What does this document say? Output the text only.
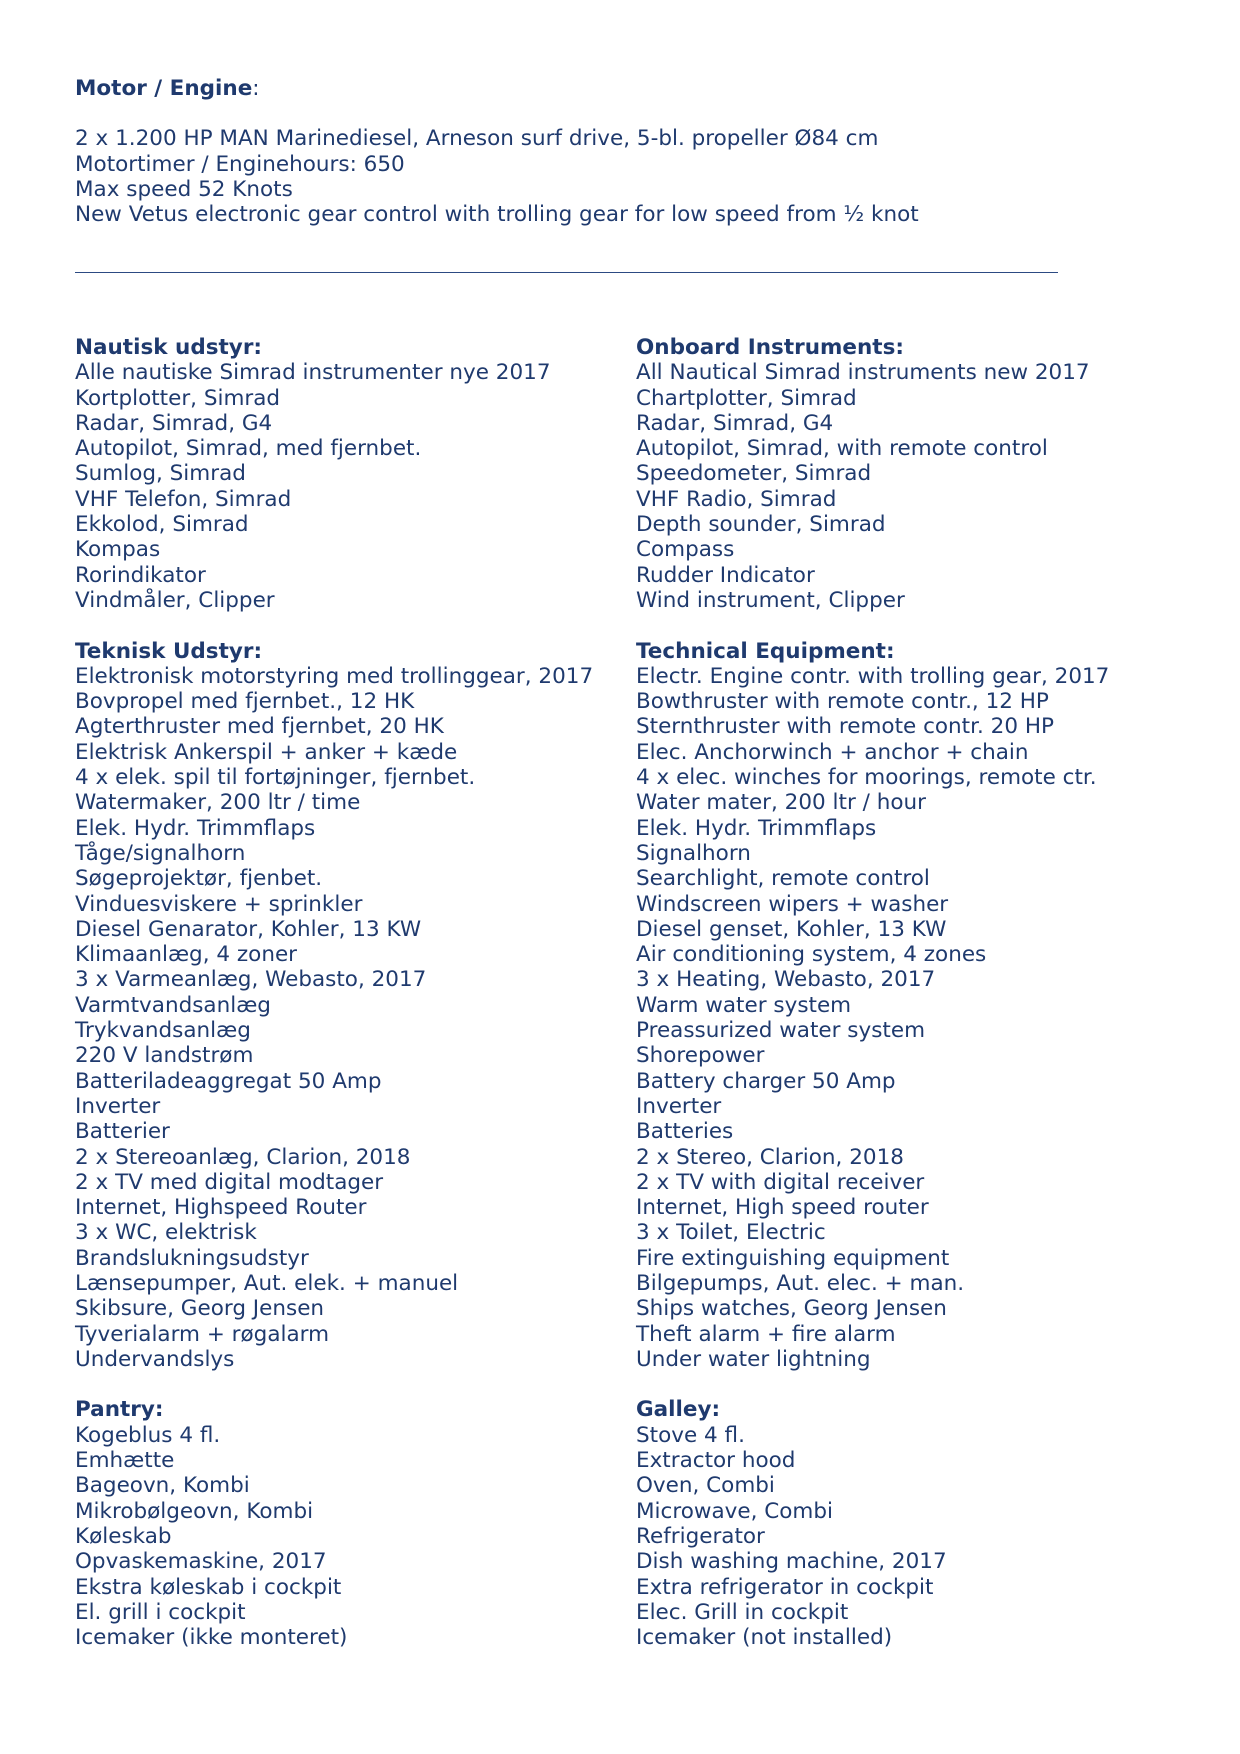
Motor / Engine:
2 x 1.200 HP MAN Marinediesel, Arneson surf drive, 5-bl. propeller Ø84 cm
Motortimer / Enginehours: 650
Max speed 52 Knots
New Vetus electronic gear control with trolling gear for low speed from ½ knot
Nautisk udstyr:
Alle nautiske Simrad instrumenter nye 2017
Kortplotter, Simrad
Radar, Simrad, G4
Autopilot, Simrad, med fjernbet.
Sumlog, Simrad
VHF Telefon, Simrad
Ekkolod, Simrad
Kompas
Rorindikator
Vindmåler, Clipper
Teknisk Udstyr:
Elektronisk motorstyring med trollinggear, 2017
Bovpropel med fjernbet., 12 HK
Agterthruster med fjernbet, 20 HK
Elektrisk Ankerspil + anker + kæde
4 x elek. spil til fortøjninger, fjernbet.
Watermaker, 200 ltr / time
Elek. Hydr. Trimmflaps
Tåge/signalhorn
Søgeprojektør, fjenbet.
Vinduesviskere + sprinkler
Diesel Genarator, Kohler, 13 KW
Klimaanlæg, 4 zoner
3 x Varmeanlæg, Webasto, 2017
Varmtvandsanlæg
Trykvandsanlæg
220 V landstrøm
Batteriladeaggregat 50 Amp
Inverter
Batterier
2 x Stereoanlæg, Clarion, 2018
2 x TV med digital modtager
Internet, Highspeed Router
3 x WC, elektrisk
Brandslukningsudstyr
Lænsepumper, Aut. elek. + manuel
Skibsure, Georg Jensen
Tyverialarm + røgalarm
Undervandslys
Pantry:
Kogeblus 4 fl.
Emhætte
Bageovn, Kombi
Mikrobølgeovn, Kombi
Køleskab
Opvaskemaskine, 2017
Ekstra køleskab i cockpit
El. grill i cockpit
Icemaker (ikke monteret)
Onboard Instruments:
All Nautical Simrad instruments new 2017
Chartplotter, Simrad
Radar, Simrad, G4
Autopilot, Simrad, with remote control
Speedometer, Simrad
VHF Radio, Simrad
Depth sounder, Simrad
Compass
Rudder Indicator
Wind instrument, Clipper
Technical Equipment:
Electr. Engine contr. with trolling gear, 2017
Bowthruster with remote contr., 12 HP
Sternthruster with remote contr. 20 HP
Elec. Anchorwinch + anchor + chain
4 x elec. winches for moorings, remote ctr.
Water mater, 200 ltr / hour
Elek. Hydr. Trimmflaps
Signalhorn
Searchlight, remote control
Windscreen wipers + washer
Diesel genset, Kohler, 13 KW
Air conditioning system, 4 zones
3 x Heating, Webasto, 2017
Warm water system
Preassurized water system
Shorepower
Battery charger 50 Amp
Inverter
Batteries
2 x Stereo, Clarion, 2018
2 x TV with digital receiver
Internet, High speed router
3 x Toilet, Electric
Fire extinguishing equipment
Bilgepumps, Aut. elec. + man.
Ships watches, Georg Jensen
Theft alarm + fire alarm
Under water lightning
Galley:
Stove 4 fl.
Extractor hood
Oven, Combi
Microwave, Combi
Refrigerator
Dish washing machine, 2017
Extra refrigerator in cockpit
Elec. Grill in cockpit
Icemaker (not installed)
